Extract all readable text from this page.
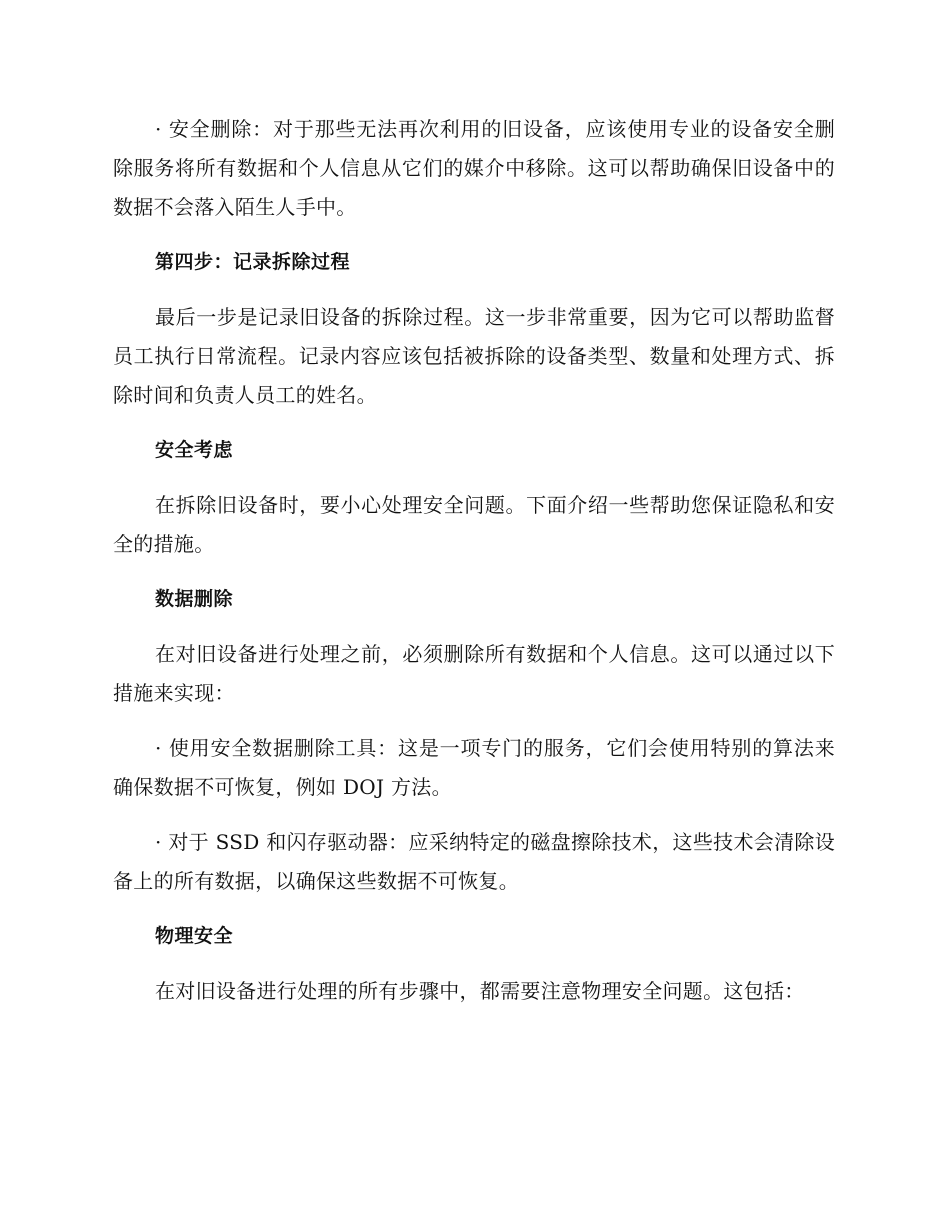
· 安全删除：对于那些无法再次利用的旧设备，应该使用专业的设备安全删除服务将所有数据和个人信息从它们的媒介中移除。这可以帮助确保旧设备中的数据不会落入陌生人手中。

第四步：记录拆除过程

最后一步是记录旧设备的拆除过程。这一步非常重要，因为它可以帮助监督员工执行日常流程。记录内容应该包括被拆除的设备类型、数量和处理方式、拆除时间和负责人员工的姓名。

安全考虑

在拆除旧设备时，要小心处理安全问题。下面介绍一些帮助您保证隐私和安全的措施。

数据删除

在对旧设备进行处理之前，必须删除所有数据和个人信息。这可以通过以下措施来实现：

· 使用安全数据删除工具：这是一项专门的服务，它们会使用特别的算法来确保数据不可恢复，例如 DOJ 方法。

· 对于 SSD 和闪存驱动器：应采纳特定的磁盘擦除技术，这些技术会清除设备上的所有数据，以确保这些数据不可恢复。

物理安全

在对旧设备进行处理的所有步骤中，都需要注意物理安全问题。这包括：
